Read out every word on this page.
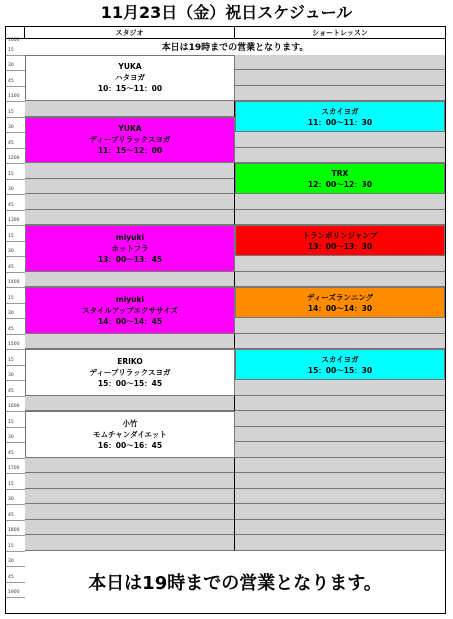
11月23日（金）祝日スケジュール
スタジオ	ショートレッスン
本日は19時までの営業となります。
本日は19時までの営業となります。
15
30
45
1100
15
30
45
1200
15
30
45
1300
15
30
45
1400
15
30
45
1500
15
30
45
1600
15
30
45
1700
15
30
45
1800
15
30
45
1900
1000
YUKA
ハタヨガ
10：15～11：00
YUKA
ディープリラックスヨガ
11：15～12：00
miyuki
ホットフラ
13：00～13：45
miyuki
スタイルアップエクササイズ
14：00～14：45
ERIKO
ディープリラックスヨガ
15：00～15：45
小竹
モムチャンダイエット
16：00～16：45
スカイヨガ
11：00～11：30
TRX
12：00～12：30
トランポリンジャンプ
13：00～13：30
ディーズランニング
14：00～14：30
スカイヨガ
15：00～15：30
